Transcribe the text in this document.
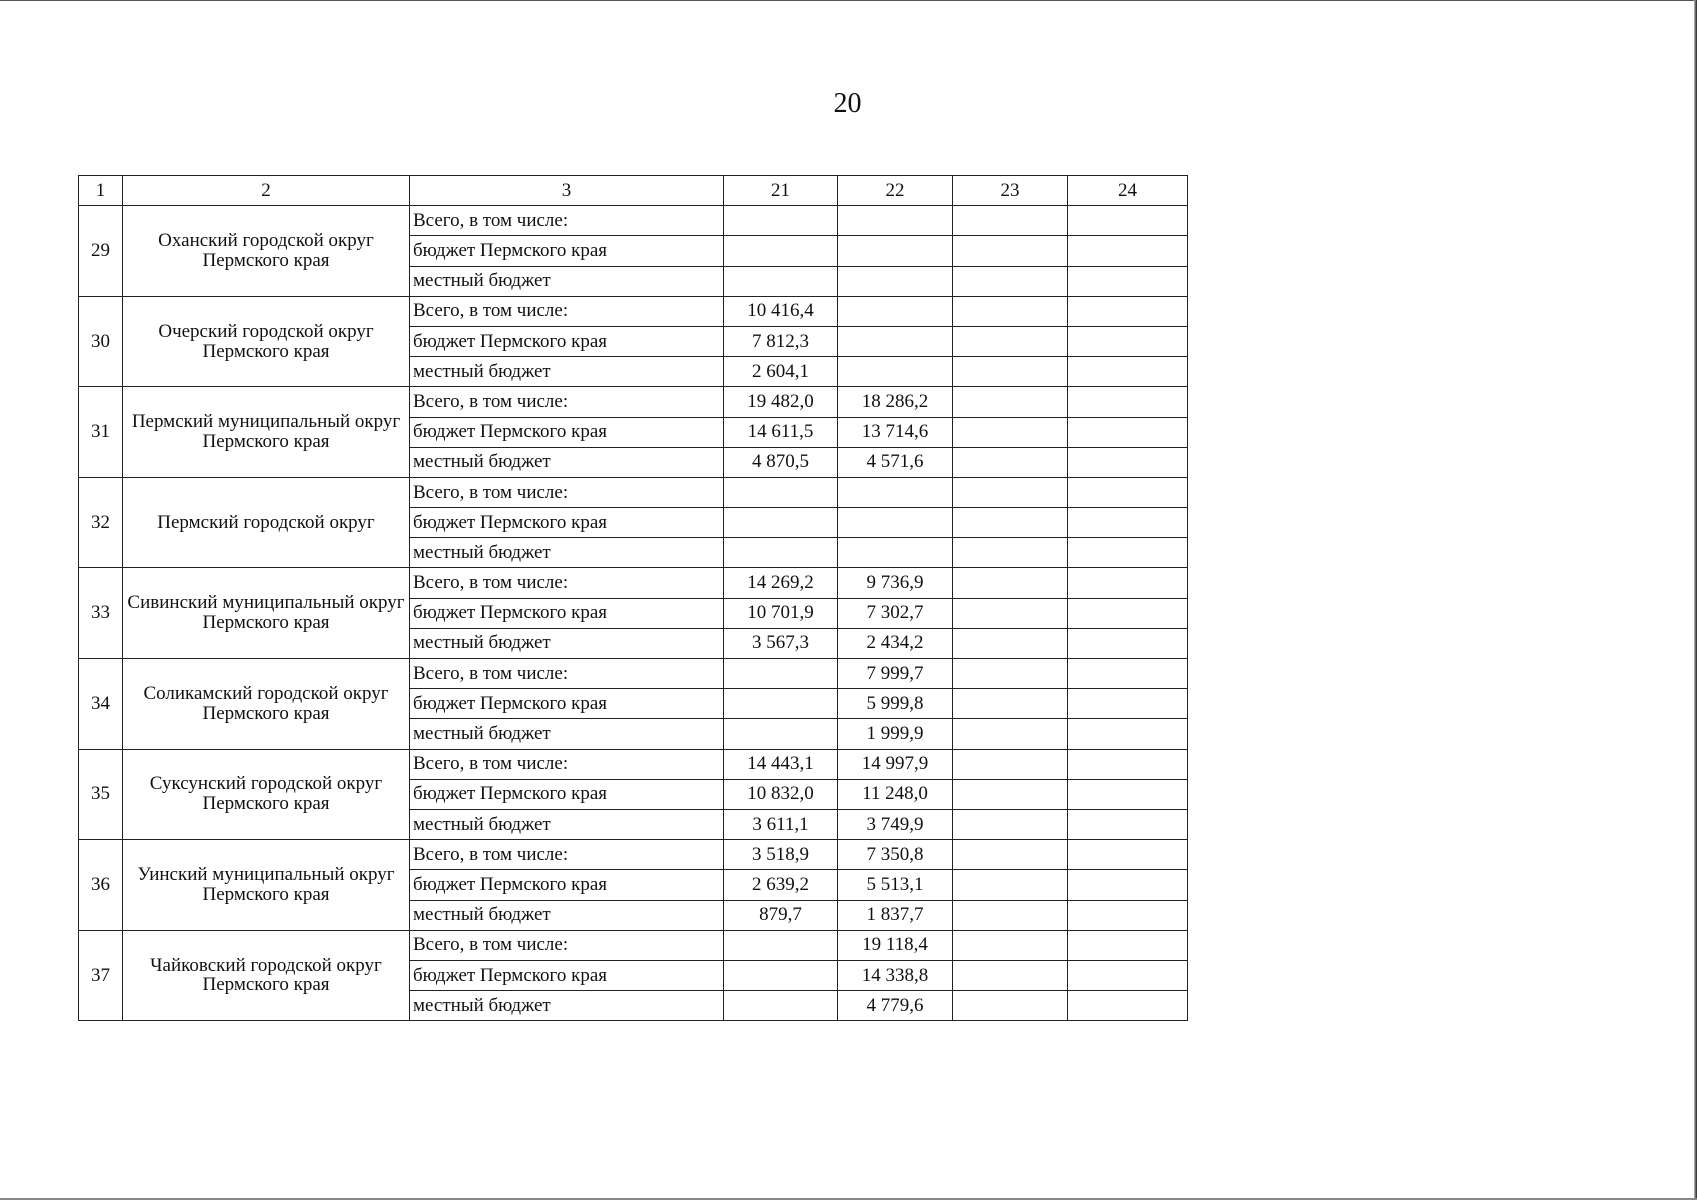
20
1	2	3	21	22	23	24
29	Оханский городской округ Пермского края	Всего, в том числе:				
		бюджет Пермского края				
		местный бюджет				
30	Очерский городской округ Пермского края	Всего, в том числе:	10 416,4			
		бюджет Пермского края	7 812,3			
		местный бюджет	2 604,1			
31	Пермский муниципальный округ Пермского края	Всего, в том числе:	19 482,0	18 286,2		
		бюджет Пермского края	14 611,5	13 714,6		
		местный бюджет	4 870,5	4 571,6		
32	Пермский городской округ	Всего, в том числе:				
		бюджет Пермского края				
		местный бюджет				
33	Сивинский муниципальный округ Пермского края	Всего, в том числе:	14 269,2	9 736,9		
		бюджет Пермского края	10 701,9	7 302,7		
		местный бюджет	3 567,3	2 434,2		
34	Соликамский городской округ Пермского края	Всего, в том числе:		7 999,7		
		бюджет Пермского края		5 999,8		
		местный бюджет		1 999,9		
35	Суксунский городской округ Пермского края	Всего, в том числе:	14 443,1	14 997,9		
		бюджет Пермского края	10 832,0	11 248,0		
		местный бюджет	3 611,1	3 749,9		
36	Уинский муниципальный округ Пермского края	Всего, в том числе:	3 518,9	7 350,8		
		бюджет Пермского края	2 639,2	5 513,1		
		местный бюджет	879,7	1 837,7		
37	Чайковский городской округ Пермского края	Всего, в том числе:		19 118,4		
		бюджет Пермского края		14 338,8		
		местный бюджет		4 779,6		
